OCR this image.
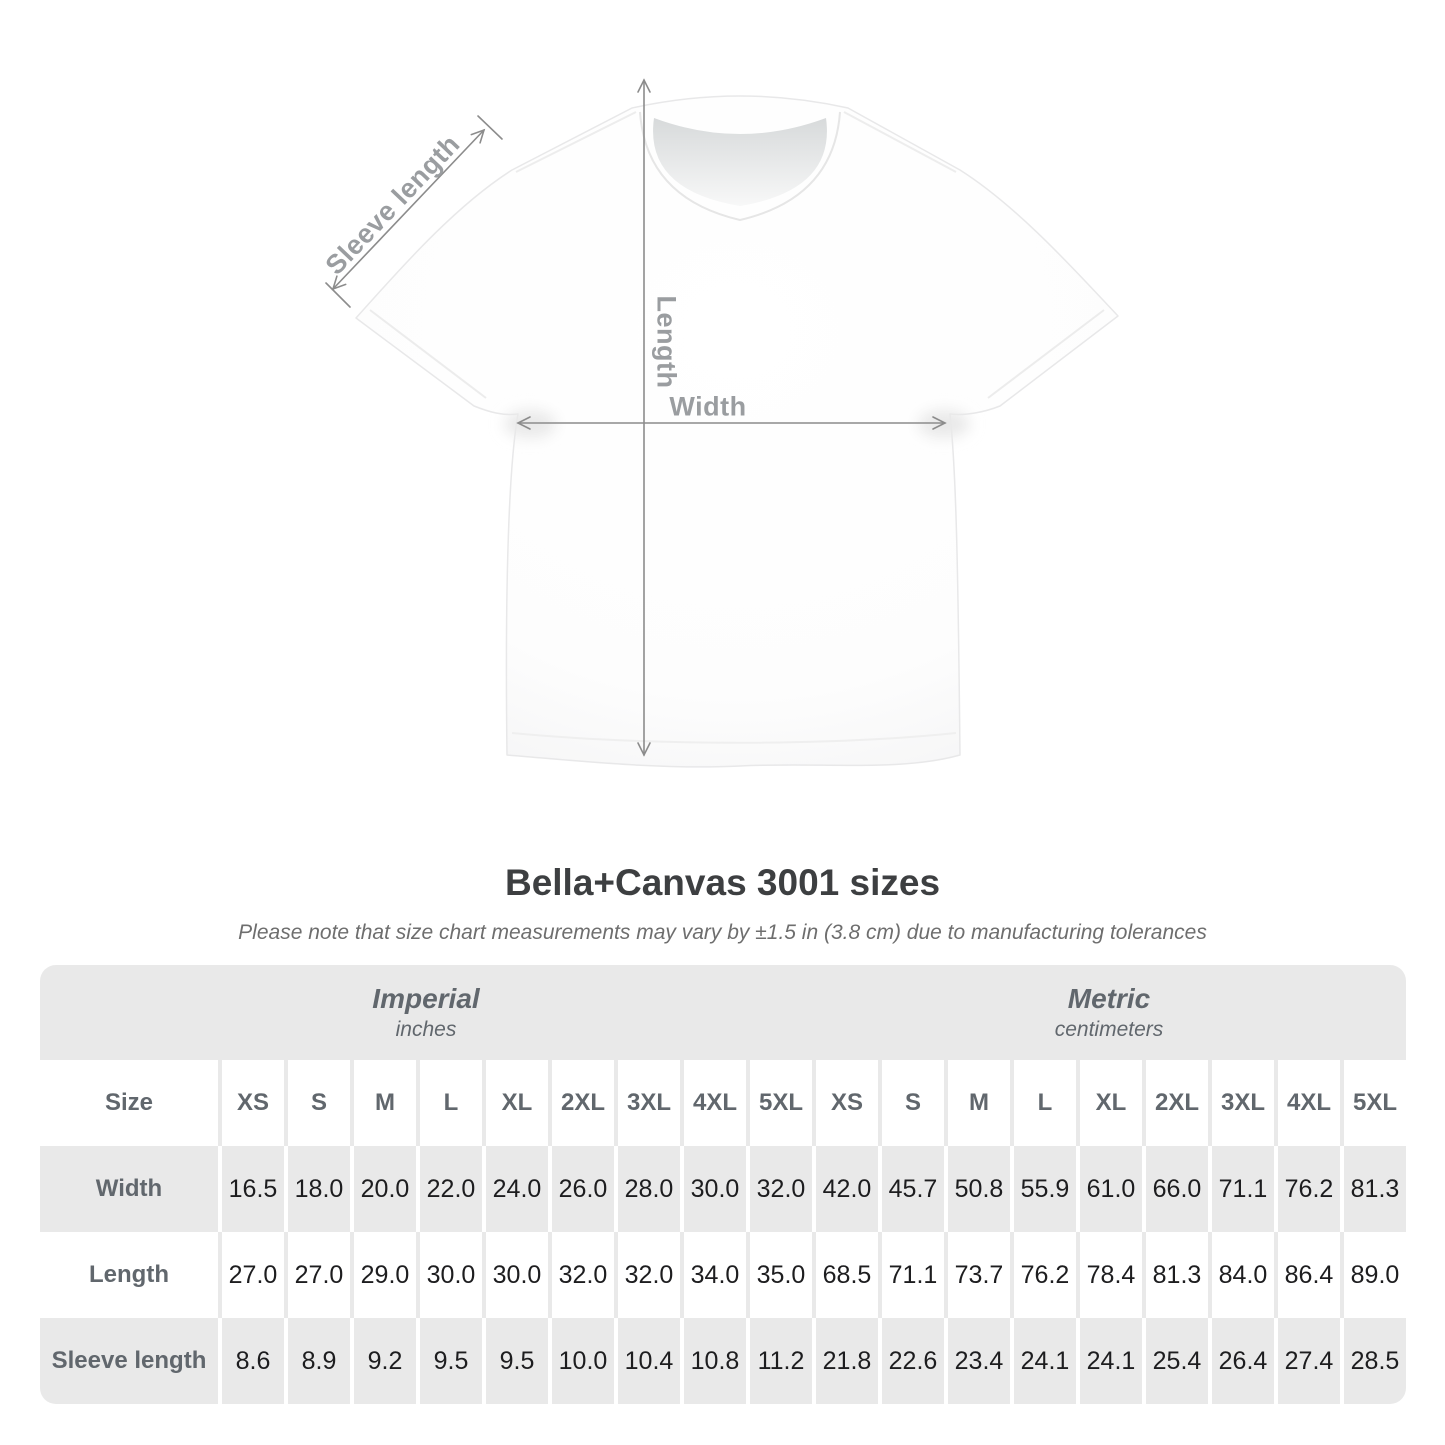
Sleeve length
Length
Width
Bella+Canvas 3001 sizes
Please note that size chart measurements may vary by ±1.5 in (3.8 cm) due to manufacturing tolerances
Imperial
inches
Metric
centimeters
Size	XS	S	M	L	XL	2XL 3XL 4XL 5XL	XS	S	M	L	XL	2XL 3XL 4XL 5XL
Width	16.5 18.0 20.0 22.0 24.0 26.0 28.0 30.0 32.0 42.0 45.7 50.8 55.9 61.0 66.0 71.1 76.2 81.3
Length	27.0 27.0 29.0 30.0 30.0 32.0 32.0 34.0 35.0 68.5 71.1 73.7 76.2 78.4 81.3 84.0 86.4 89.0
Sleeve length	8.6	8.9	9.2	9.5	9.5 10.0 10.4 10.8 11.2 21.8 22.6 23.4 24.1 24.1 25.4 26.4 27.4 28.5
